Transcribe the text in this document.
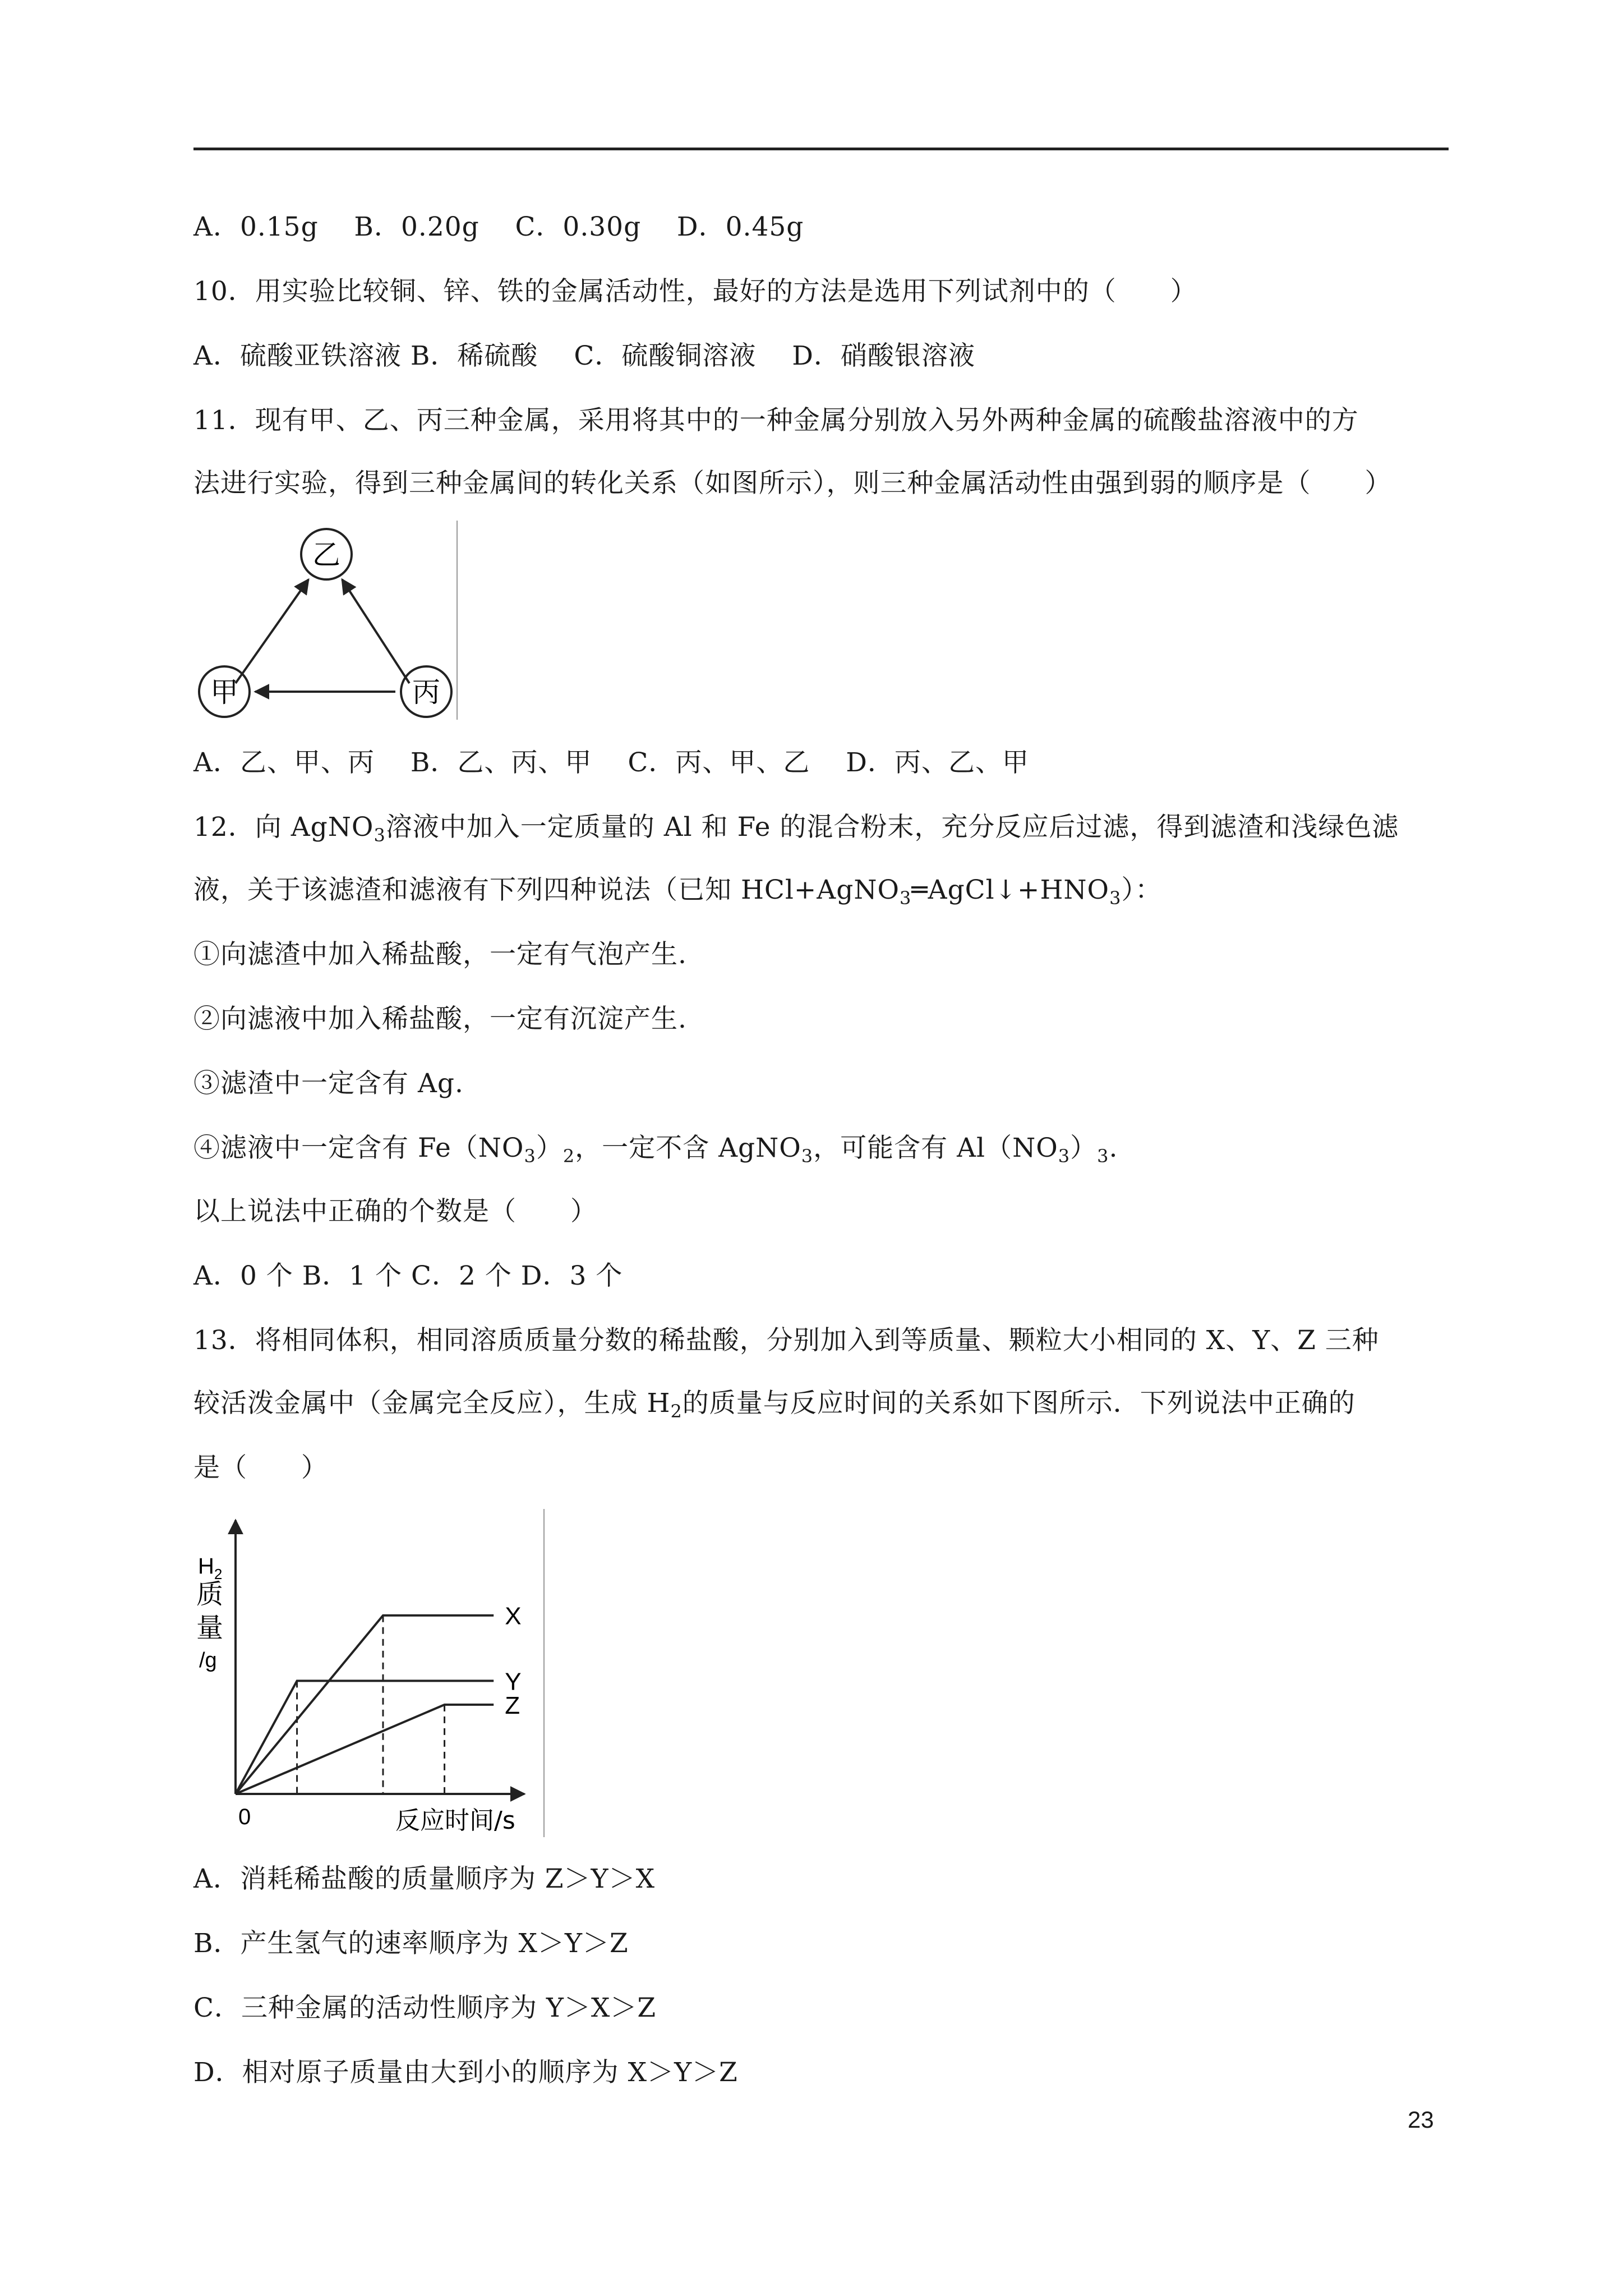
A．0.15g    B．0.20g    C．0.30g    D．0.45g
10．用实验比较铜、锌、铁的金属活动性，最好的方法是选用下列试剂中的（　　）
A．硫酸亚铁溶液 B．稀硫酸　 C．硫酸铜溶液　 D．硝酸银溶液
11．现有甲、乙、丙三种金属，采用将其中的一种金属分别放入另外两种金属的硫酸盐溶液中的方
法进行实验，得到三种金属间的转化关系（如图所示），则三种金属活动性由强到弱的顺序是（　　）
乙
甲	丙
A．乙、甲、丙　 B．乙、丙、甲　 C．丙、甲、乙　 D．丙、乙、甲
12．向 AgNO$_3$溶液中加入一定质量的 Al 和 Fe 的混合粉末，充分反应后过滤，得到滤渣和浅绿色滤
液，关于该滤渣和滤液有下列四种说法（已知 $HCl+AgNO_3═AgCl↓+HNO_3$）：
①向滤渣中加入稀盐酸，一定有气泡产生.
②向滤液中加入稀盐酸，一定有沉淀产生.
③滤渣中一定含有 Ag.
④滤液中一定含有 $Fe(NO_3)_2$，一定不含 AgNO$_3$，可能含有 $Al(NO_3)_3$.
以上说法中正确的个数是（　　）
A．0 个 B．1 个 C．2 个 D．3 个
13．将相同体积，相同溶质质量分数的稀盐酸，分别加入到等质量、颗粒大小相同的 X、Y、Z 三种
较活泼金属中（金属完全反应），生成 $H_2$的质量与反应时间的关系如下图所示．下列说法中正确的
是（　　）
$H_2$
质
量
/g
0	反应时间/s
X
Y
Z
A．消耗稀盐酸的质量顺序为 Z＞Y＞X
B．产生氢气的速率顺序为 X＞Y＞Z
C．三种金属的活动性顺序为 Y＞X＞Z
D．相对原子质量由大到小的顺序为 X＞Y＞Z
23
